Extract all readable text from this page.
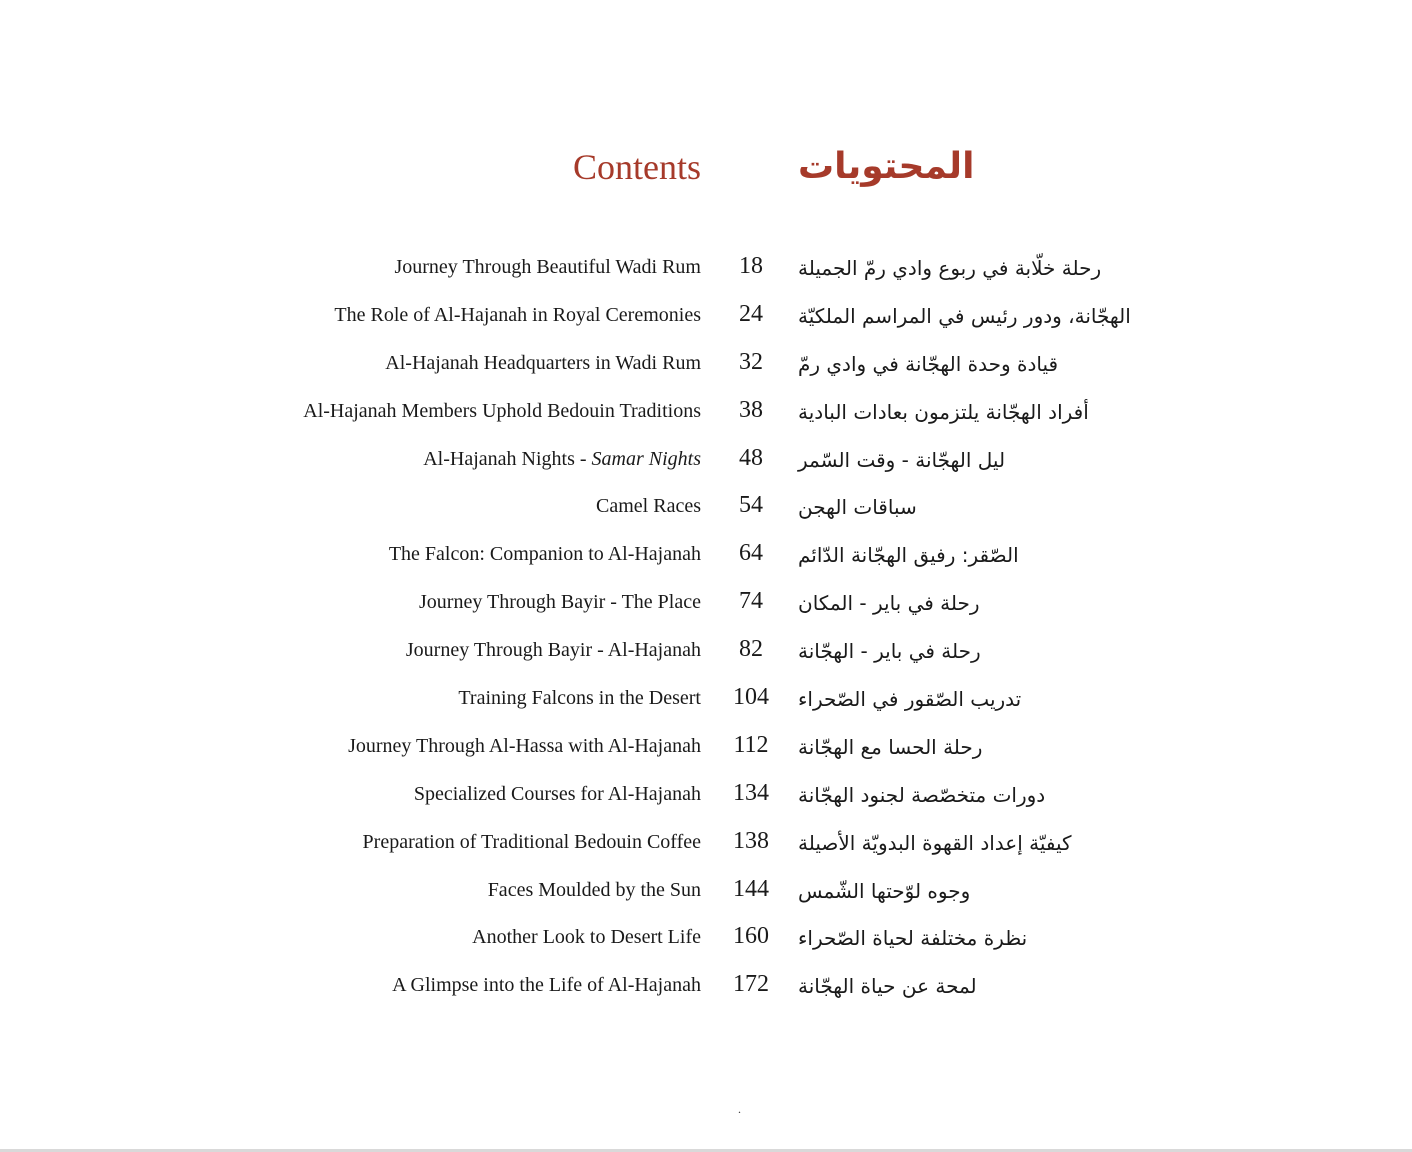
Contents	المحتويات
Journey Through Beautiful Wadi Rum	18	رحلة خلّابة في ربوع وادي رمّ الجميلة
The Role of Al-Hajanah in Royal Ceremonies	24	الهجّانة، ودور رئيس في المراسم الملكيّة
Al-Hajanah Headquarters in Wadi Rum	32	قيادة وحدة الهجّانة في وادي رمّ
Al-Hajanah Members Uphold Bedouin Traditions	38	أفراد الهجّانة يلتزمون بعادات البادية
Al-Hajanah Nights - Samar Nights	48	ليل الهجّانة - وقت السّمر
Camel Races	54	سباقات الهجن
The Falcon: Companion to Al-Hajanah	64	الصّقر: رفيق الهجّانة الدّائم
Journey Through Bayir - The Place	74	رحلة في باير - المكان
Journey Through Bayir - Al-Hajanah	82	رحلة في باير - الهجّانة
Training Falcons in the Desert	104	تدريب الصّقور في الصّحراء
Journey Through Al-Hassa with Al-Hajanah	112	رحلة الحسا مع الهجّانة
Specialized Courses for Al-Hajanah	134	دورات متخصّصة لجنود الهجّانة
Preparation of Traditional Bedouin Coffee	138	كيفيّة إعداد القهوة البدويّة الأصيلة
Faces Moulded by the Sun	144	وجوه لوّحتها الشّمس
Another Look to Desert Life	160	نظرة مختلفة لحياة الصّحراء
A Glimpse into the Life of Al-Hajanah	172	لمحة عن حياة الهجّانة
.
